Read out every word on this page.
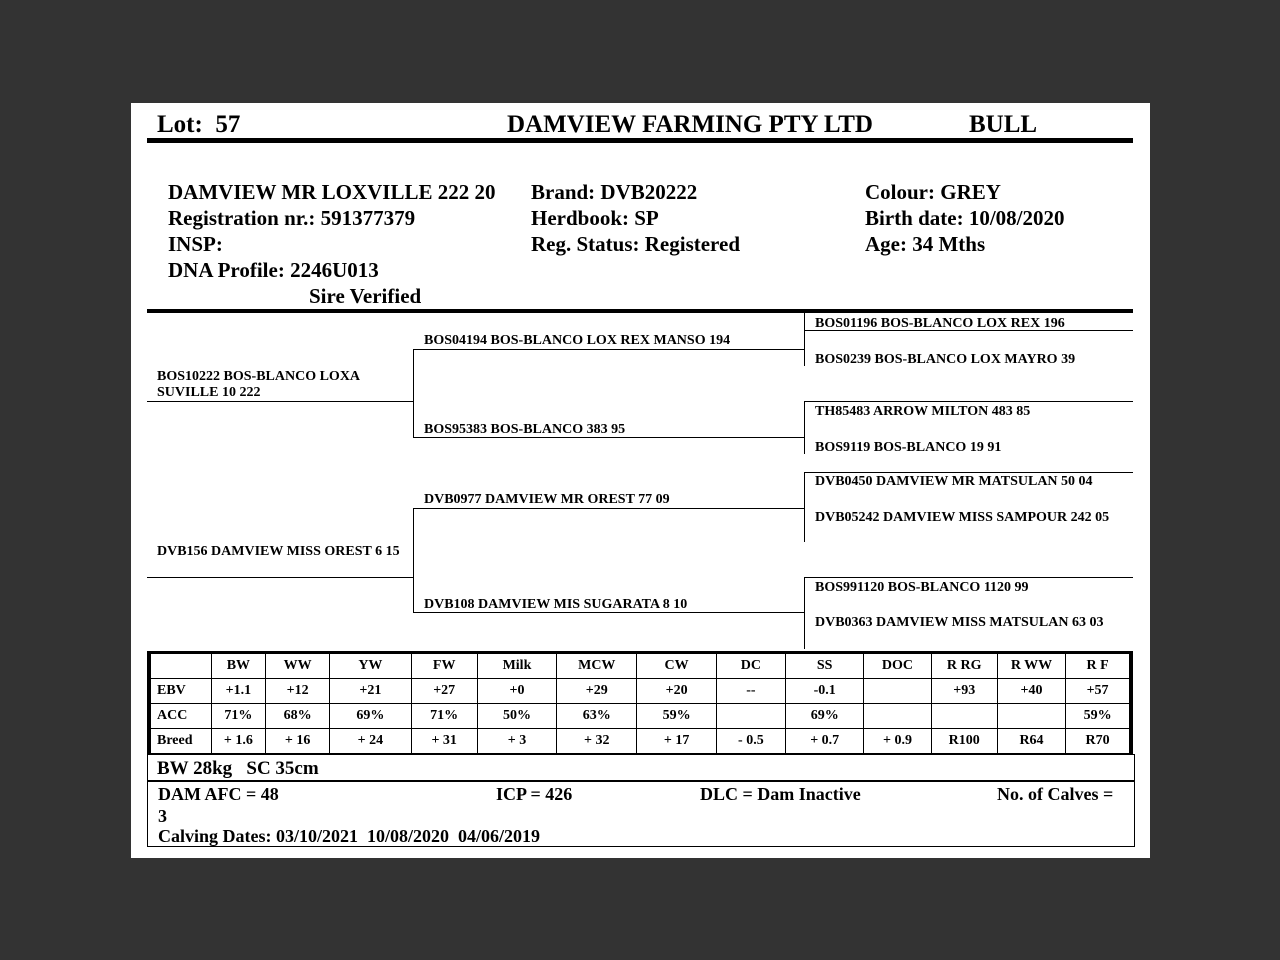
Lot: 57	DAMVIEW FARMING PTY LTD	BULL
DAMVIEW MR LOXVILLE 222 20
Registration nr.: 591377379
INSP:
DNA Profile: 2246U013
Sire Verified
Brand: DVB20222
Herdbook: SP
Reg. Status: Registered
Colour: GREY
Birth date: 10/08/2020
Age: 34 Mths
BOS10222 BOS-BLANCO LOXA SUVILLE 10 222
DVB156 DAMVIEW MISS OREST 6 15
BOS04194 BOS-BLANCO LOX REX MANSO 194
BOS95383 BOS-BLANCO 383 95
DVB0977 DAMVIEW MR OREST 77 09
DVB108 DAMVIEW MIS SUGARATA 8 10
BOS01196 BOS-BLANCO LOX REX 196
BOS0239 BOS-BLANCO LOX MAYRO 39
TH85483 ARROW MILTON 483 85
BOS9119 BOS-BLANCO 19 91
DVB0450 DAMVIEW MR MATSULAN 50 04
DVB05242 DAMVIEW MISS SAMPOUR 242 05
BOS991120 BOS-BLANCO 1120 99
DVB0363 DAMVIEW MISS MATSULAN 63 03
	BW	WW	YW	FW	Milk	MCW	CW	DC	SS	DOC	R RG	R WW	R F
EBV	+1.1	+12	+21	+27	+0	+29	+20	--	-0.1		+93	+40	+57
ACC	71%	68%	69%	71%	50%	63%	59%		69%				59%
Breed	+ 1.6	+ 16	+ 24	+ 31	+ 3	+ 32	+ 17	- 0.5	+ 0.7	+ 0.9	R100	R64	R70
BW 28kg   SC 35cm
DAM AFC = 48	ICP = 426	DLC = Dam Inactive	No. of Calves =
3
Calving Dates: 03/10/2021  10/08/2020  04/06/2019
